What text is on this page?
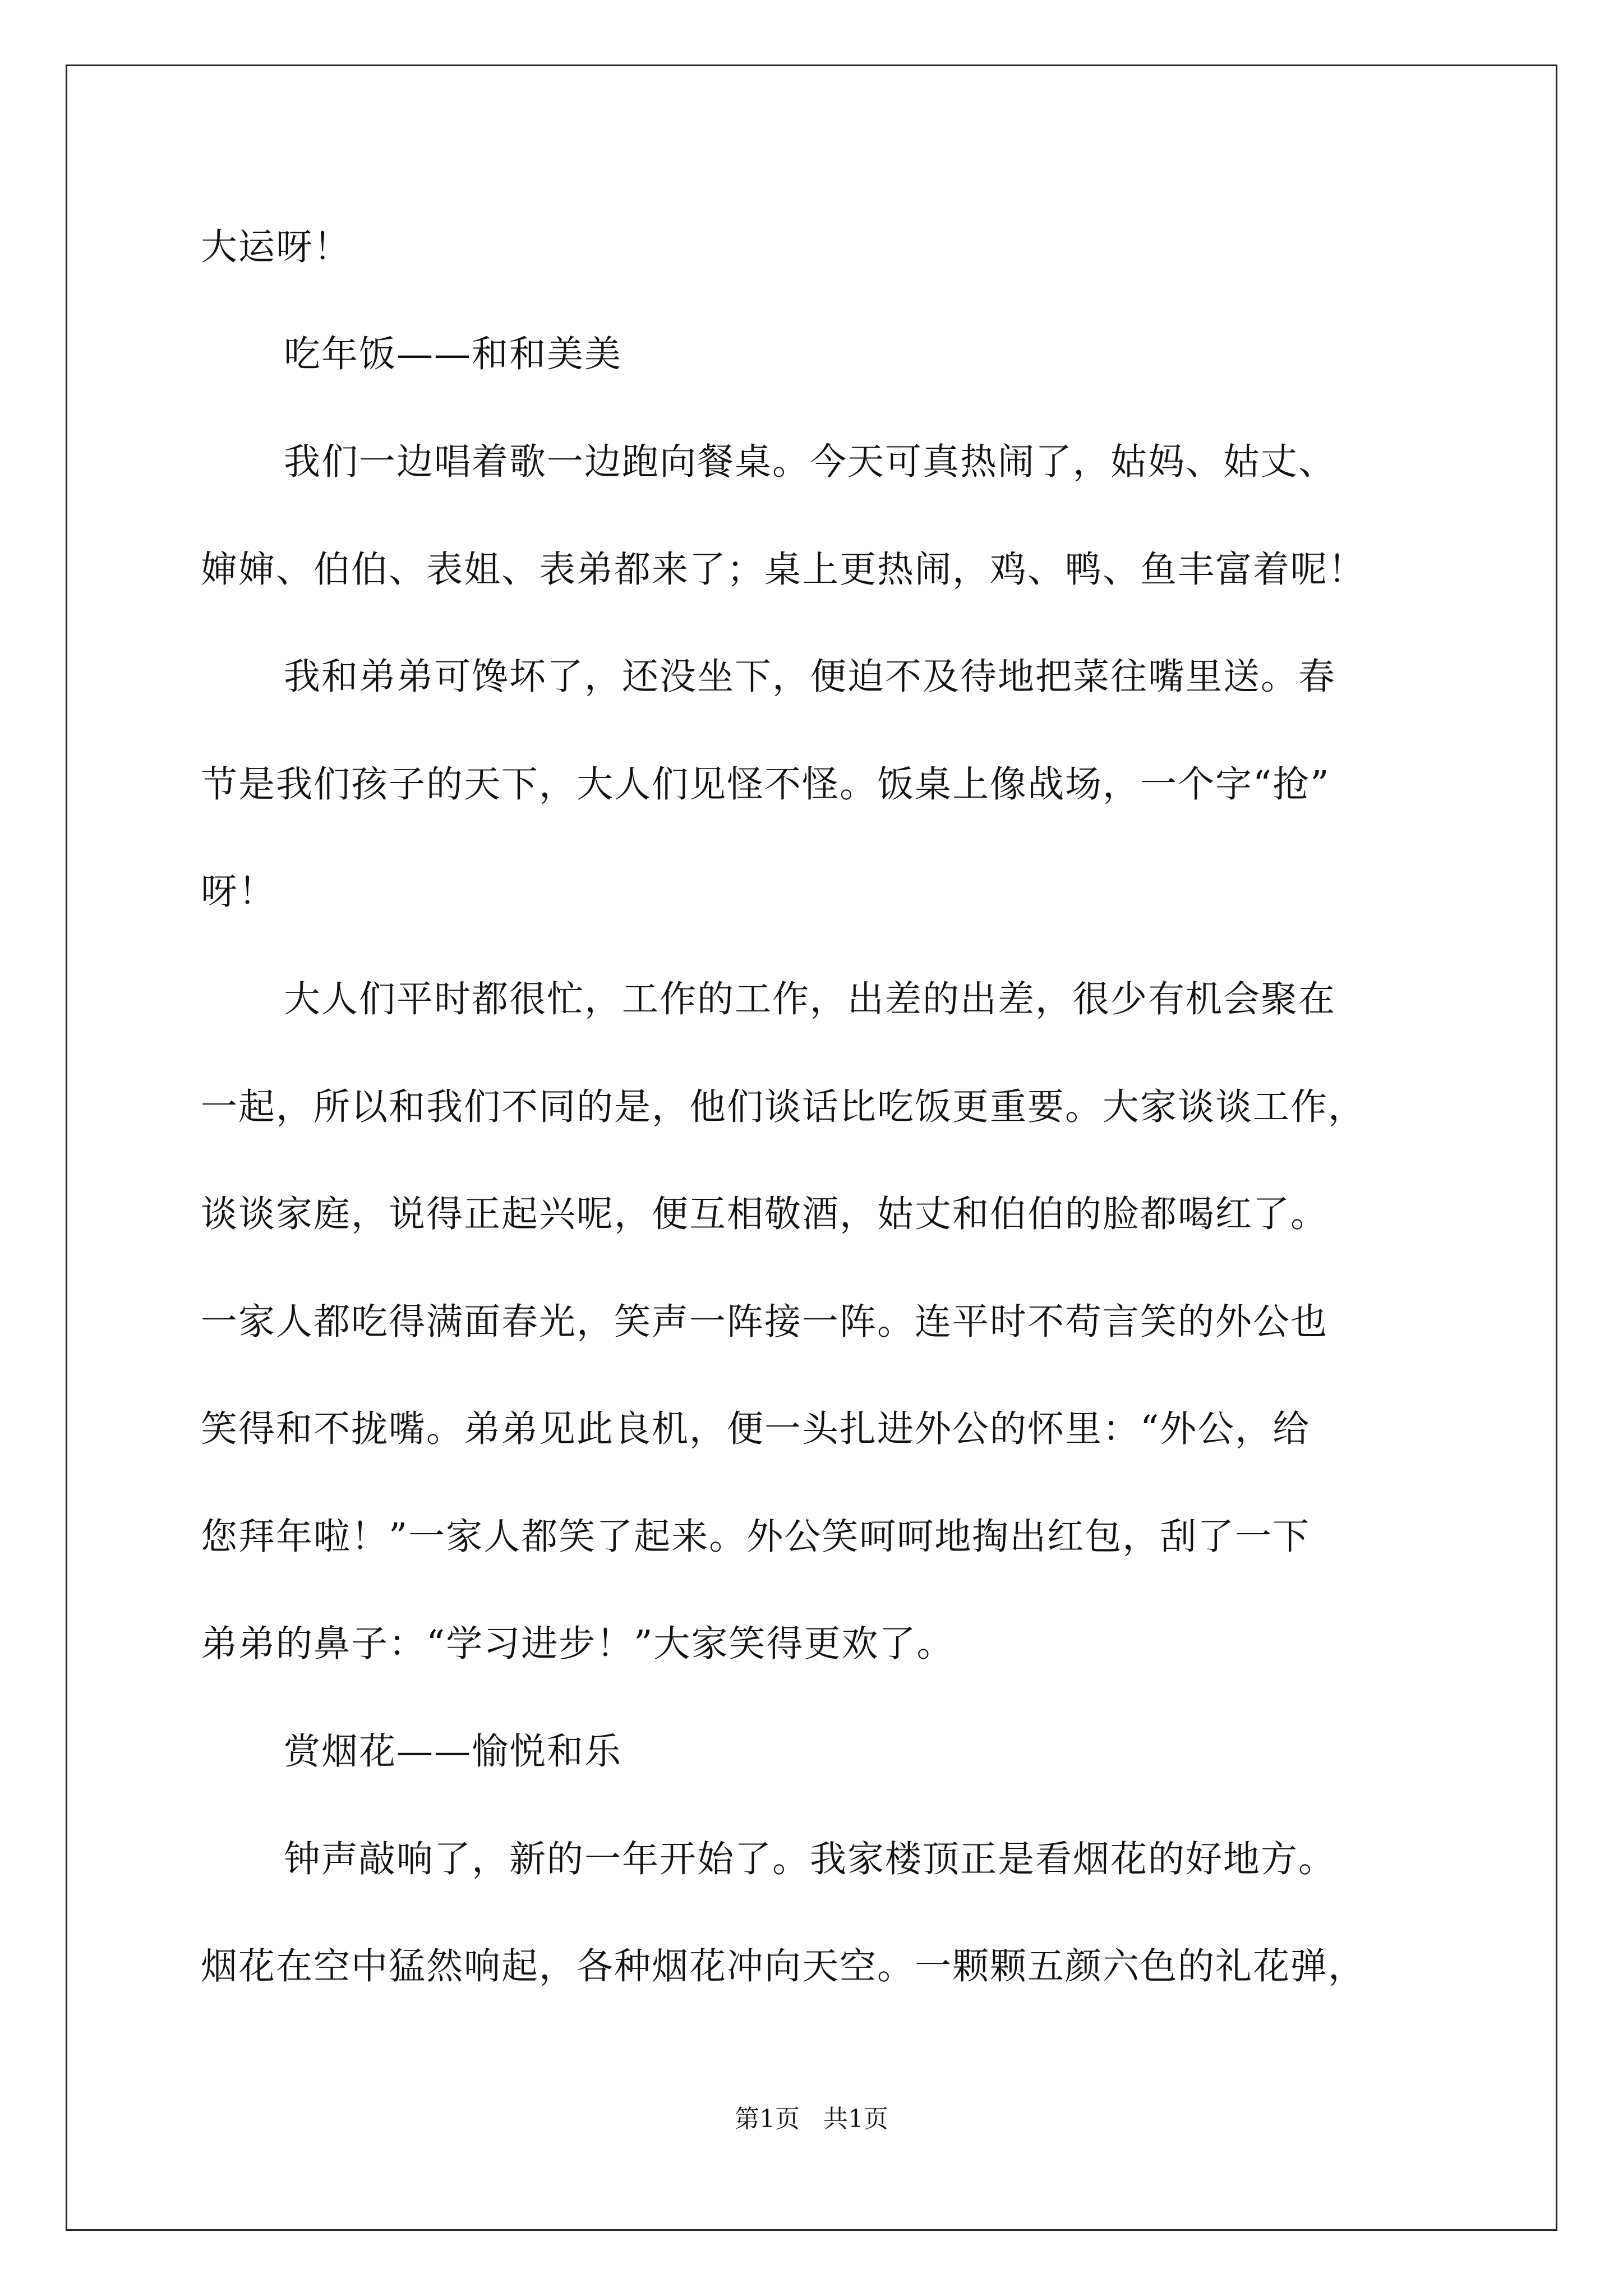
大运呀！

吃年饭——和和美美

我们一边唱着歌一边跑向餐桌。今天可真热闹了，姑妈、姑丈、

婶婶、伯伯、表姐、表弟都来了；桌上更热闹，鸡、鸭、鱼丰富着呢！

我和弟弟可馋坏了，还没坐下，便迫不及待地把菜往嘴里送。春

节是我们孩子的天下，大人们见怪不怪。饭桌上像战场，一个字“抢”

呀！

大人们平时都很忙，工作的工作，出差的出差，很少有机会聚在

一起，所以和我们不同的是，他们谈话比吃饭更重要。大家谈谈工作，

谈谈家庭，说得正起兴呢，便互相敬酒，姑丈和伯伯的脸都喝红了。

一家人都吃得满面春光，笑声一阵接一阵。连平时不苟言笑的外公也

笑得和不拢嘴。弟弟见此良机，便一头扎进外公的怀里：“外公，给

您拜年啦！”一家人都笑了起来。外公笑呵呵地掏出红包，刮了一下

弟弟的鼻子：“学习进步！”大家笑得更欢了。

赏烟花——愉悦和乐

钟声敲响了，新的一年开始了。我家楼顶正是看烟花的好地方。

烟花在空中猛然响起，各种烟花冲向天空。一颗颗五颜六色的礼花弹，

第1页   共1页
